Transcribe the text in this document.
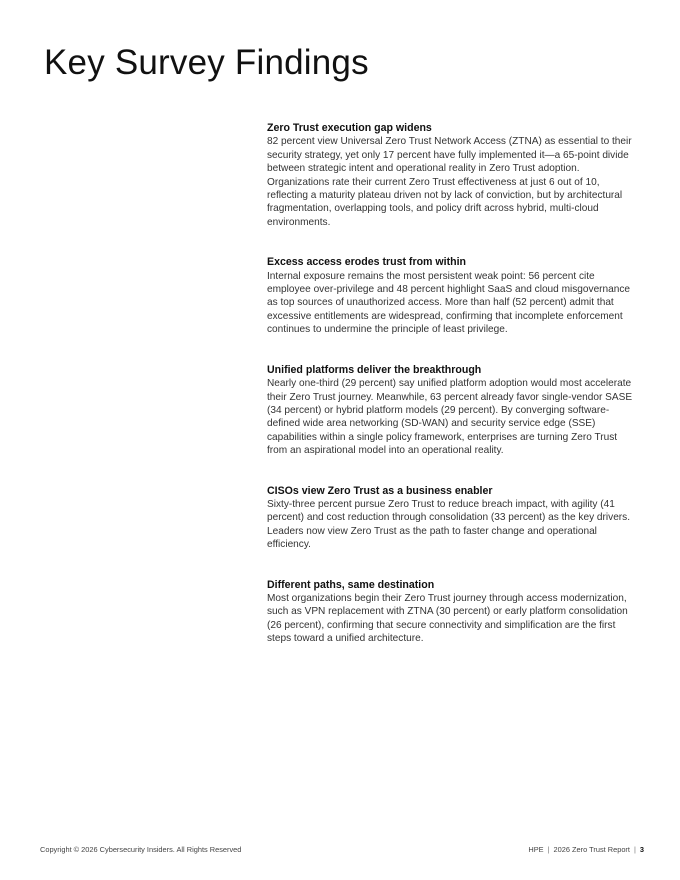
Key Survey Findings
Zero Trust execution gap widens

82 percent view Universal Zero Trust Network Access (ZTNA) as essential to their security strategy, yet only 17 percent have fully implemented it—a 65-point divide between strategic intent and operational reality in Zero Trust adoption. Organizations rate their current Zero Trust effectiveness at just 6 out of 10, reflecting a maturity plateau driven not by lack of conviction, but by architectural fragmentation, overlapping tools, and policy drift across hybrid, multi-cloud environments.

Excess access erodes trust from within

Internal exposure remains the most persistent weak point: 56 percent cite employee over-privilege and 48 percent highlight SaaS and cloud misgovernance as top sources of unauthorized access. More than half (52 percent) admit that excessive entitlements are widespread, confirming that incomplete enforcement continues to undermine the principle of least privilege.

Unified platforms deliver the breakthrough

Nearly one-third (29 percent) say unified platform adoption would most accelerate their Zero Trust journey. Meanwhile, 63 percent already favor single-vendor SASE (34 percent) or hybrid platform models (29 percent). By converging software-defined wide area networking (SD-WAN) and security service edge (SSE) capabilities within a single policy framework, enterprises are turning Zero Trust from an aspirational model into an operational reality.

CISOs view Zero Trust as a business enabler

Sixty-three percent pursue Zero Trust to reduce breach impact, with agility (41 percent) and cost reduction through consolidation (33 percent) as the key drivers. Leaders now view Zero Trust as the path to faster change and operational efficiency.

Different paths, same destination

Most organizations begin their Zero Trust journey through access modernization, such as VPN replacement with ZTNA (30 percent) or early platform consolidation (26 percent), confirming that secure connectivity and simplification are the first steps toward a unified architecture.

Copyright © 2026 Cybersecurity Insiders. All Rights Reserved	HPE | 2026 Zero Trust Report | 3
